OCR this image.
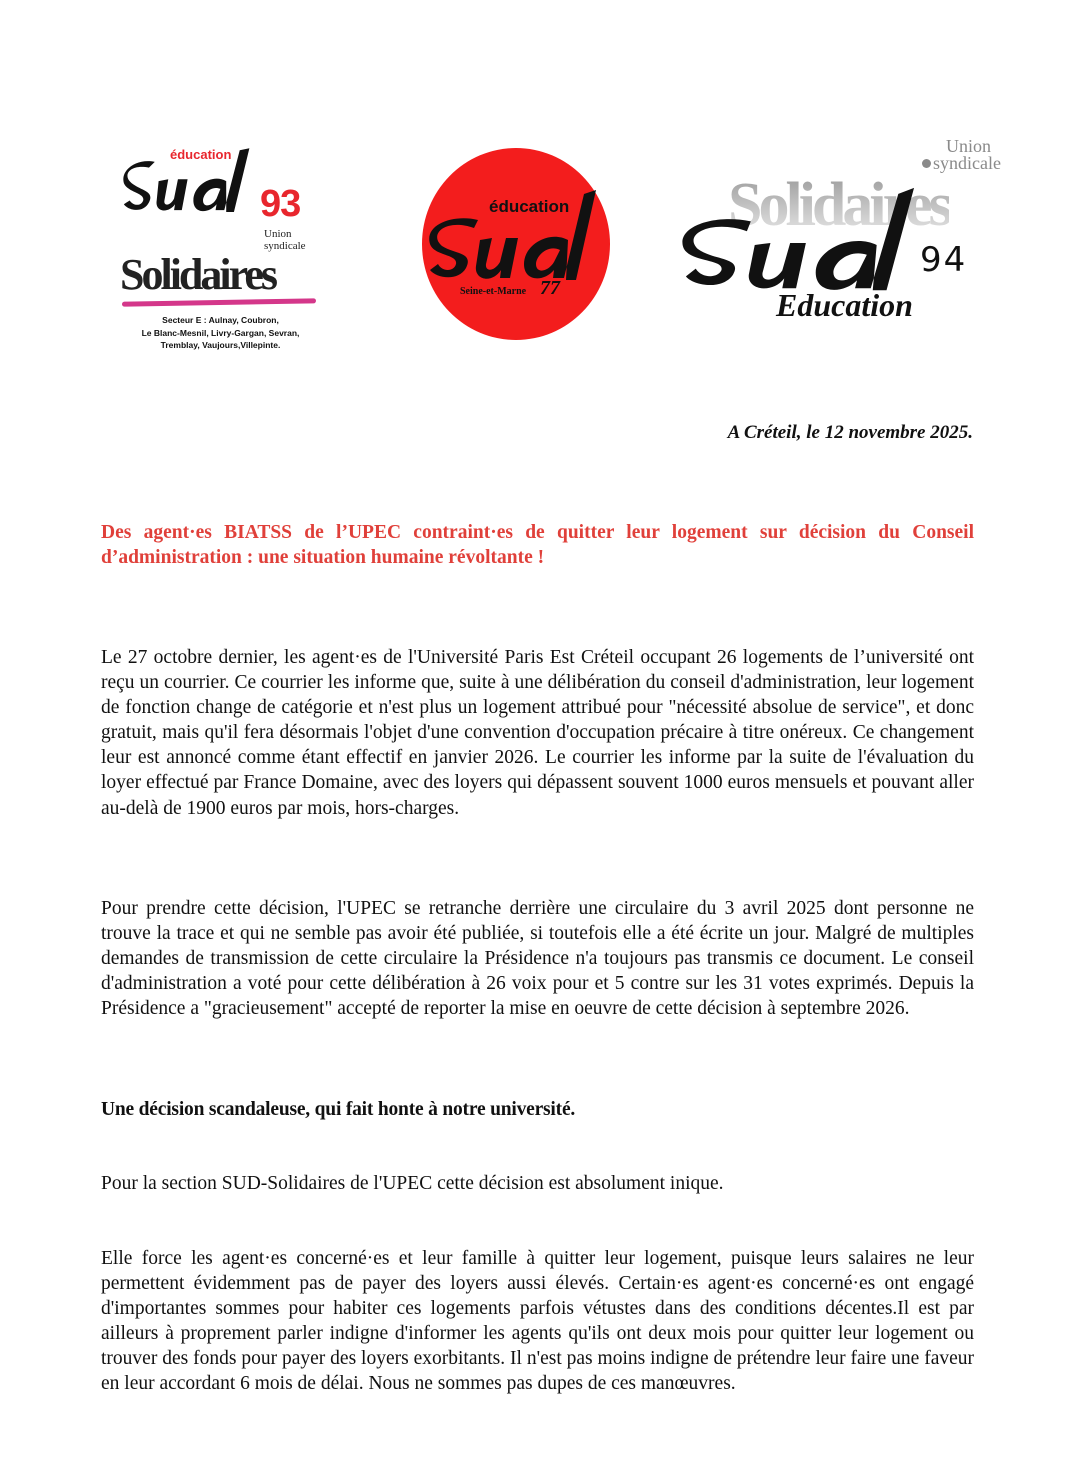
éducation
93
Union
syndicale
Solidaires
Secteur E : Aulnay, Coubron,
Le Blanc-Mesnil, Livry-Gargan, Sevran,
Tremblay, Vaujours,Villepinte.
éducation
Seine-et-Marne 77
Union
syndicale
Solidaires
94
Education
A Créteil, le 12 novembre 2025.
Des agent·es BIATSS de l’UPEC contraint·es de quitter leur logement sur décision du Conseil d’administration : une situation humaine révoltante !

Le 27 octobre dernier, les agent·es de l'Université Paris Est Créteil occupant 26 logements de l’université ont reçu un courrier. Ce courrier les informe que, suite à une délibération du conseil d'administration, leur logement de fonction change de catégorie et n'est plus un logement attribué pour "nécessité absolue de service", et donc gratuit, mais qu'il fera désormais l'objet d'une convention d'occupation précaire à titre onéreux. Ce changement leur est annoncé comme étant effectif en janvier 2026. Le courrier les informe par la suite de l'évaluation du loyer effectué par France Domaine, avec des loyers qui dépassent souvent 1000 euros mensuels et pouvant aller au-delà de 1900 euros par mois, hors-charges.

Pour prendre cette décision, l'UPEC se retranche derrière une circulaire du 3 avril 2025 dont personne ne trouve la trace et qui ne semble pas avoir été publiée, si toutefois elle a été écrite un jour. Malgré de multiples demandes de transmission de cette circulaire la Présidence n'a toujours pas transmis ce document. Le conseil d'administration a voté pour cette délibération à 26 voix pour et 5 contre sur les 31 votes exprimés. Depuis la Présidence a "gracieusement" accepté de reporter la mise en oeuvre de cette décision à septembre 2026.

Une décision scandaleuse, qui fait honte à notre université.

Pour la section SUD-Solidaires de l'UPEC cette décision est absolument inique.

Elle force les agent·es concerné·es et leur famille à quitter leur logement, puisque leurs salaires ne leur permettent évidemment pas de payer des loyers aussi élevés. Certain·es agent·es concerné·es ont engagé d'importantes sommes pour habiter ces logements parfois vétustes dans des conditions décentes.Il est par ailleurs à proprement parler indigne d'informer les agents qu'ils ont deux mois pour quitter leur logement ou trouver des fonds pour payer des loyers exorbitants. Il n'est pas moins indigne de prétendre leur faire une faveur en leur accordant 6 mois de délai. Nous ne sommes pas dupes de ces manœuvres.
